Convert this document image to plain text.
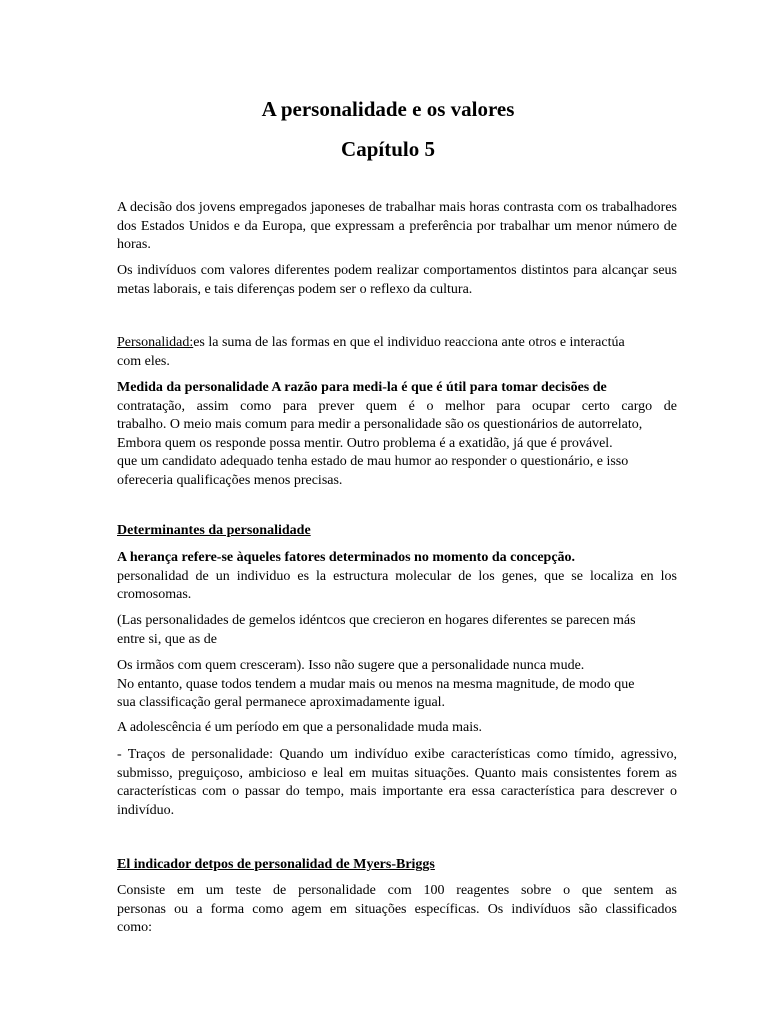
A personalidade e os valores
Capítulo 5

A decisão dos jovens empregados japoneses de trabalhar mais horas contrasta com os trabalhadores dos Estados Unidos e da Europa, que expressam a preferência por trabalhar um menor número de horas.

Os indivíduos com valores diferentes podem realizar comportamentos distintos para alcançar seus metas laborais, e tais diferenças podem ser o reflexo da cultura.

Personalidad:es la suma de las formas en que el individuo reacciona ante otros e interactúa
com eles.
Medida da personalidade A razão para medi-la é que é útil para tomar decisões de
contratação, assim como para prever quem é o melhor para ocupar certo cargo de
trabalho. O meio mais comum para medir a personalidade são os questionários de autorrelato,
Embora quem os responde possa mentir. Outro problema é a exatidão, já que é provável.
que um candidato adequado tenha estado de mau humor ao responder o questionário, e isso
ofereceria qualificações menos precisas.
Determinantes da personalidade
A herança refere-se àqueles fatores determinados no momento da concepção.
personalidad de un individuo es la estructura molecular de los genes, que se localiza en los cromosomas.
(Las personalidades de gemelos idéntcos que crecieron en hogares diferentes se parecen más
entre si, que as de
Os irmãos com quem cresceram). Isso não sugere que a personalidade nunca mude.
No entanto, quase todos tendem a mudar mais ou menos na mesma magnitude, de modo que
sua classificação geral permanece aproximadamente igual.

A adolescência é um período em que a personalidade muda mais.

- Traços de personalidade: Quando um indivíduo exibe características como tímido, agressivo, submisso, preguiçoso, ambicioso e leal em muitas situações. Quanto mais consistentes forem as características com o passar do tempo, mais importante era essa característica para descrever o indivíduo.

El indicador detpos de personalidad de Myers-Briggs
Consiste em um teste de personalidade com 100 reagentes sobre o que sentem as
personas ou a forma como agem em situações específicas. Os indivíduos são classificados
como:
